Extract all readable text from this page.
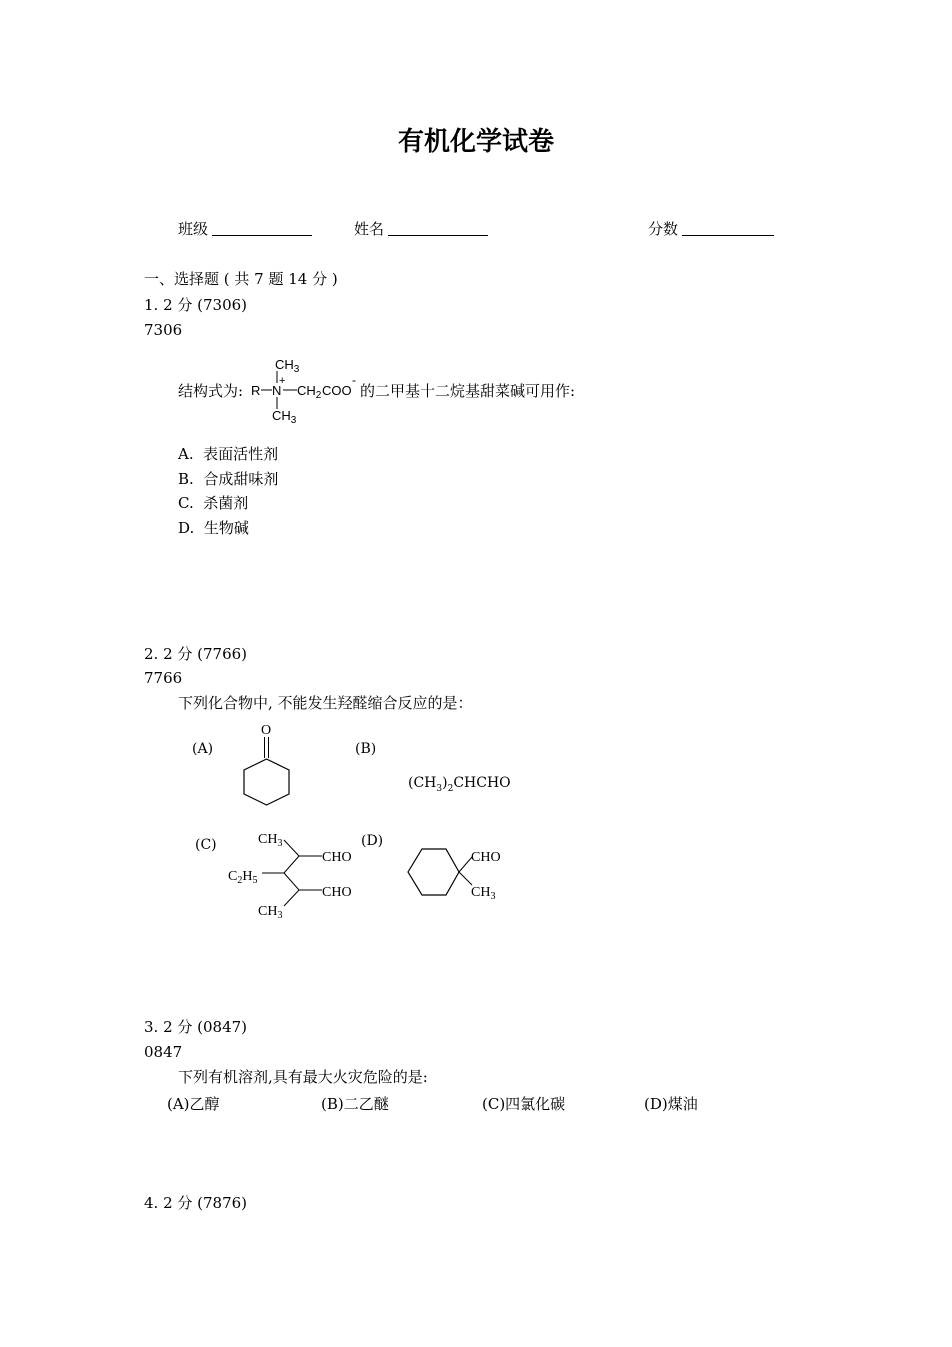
有机化学试卷
班级	姓名	分数
一、选择题 ( 共 7 题 14 分 )
1. 2 分 (7306)
7306
结构式为: R N
+
$CH_3$
$CH_3$
$CH_2$ COO
-
的二甲基十二烷基甜菜碱可用作:
A. 表面活性剂
B. 合成甜味剂
C. 杀菌剂
D. 生物碱
2. 2 分 (7766)
7766
下列化合物中, 不能发生羟醛缩合反应的是：
(A)
O
(B)
$(CH_3)_2CHCHO$
(C)	$CH_3$
$C_2H_5$
$CH_3$
CHO
CHO
(D)
CHO
$CH_3$
3. 2 分 (0847)
0847
下列有机溶剂,具有最大火灾危险的是:
(A)乙醇	(B)二乙醚	(C)四氯化碳	(D)煤油
4. 2 分 (7876)
